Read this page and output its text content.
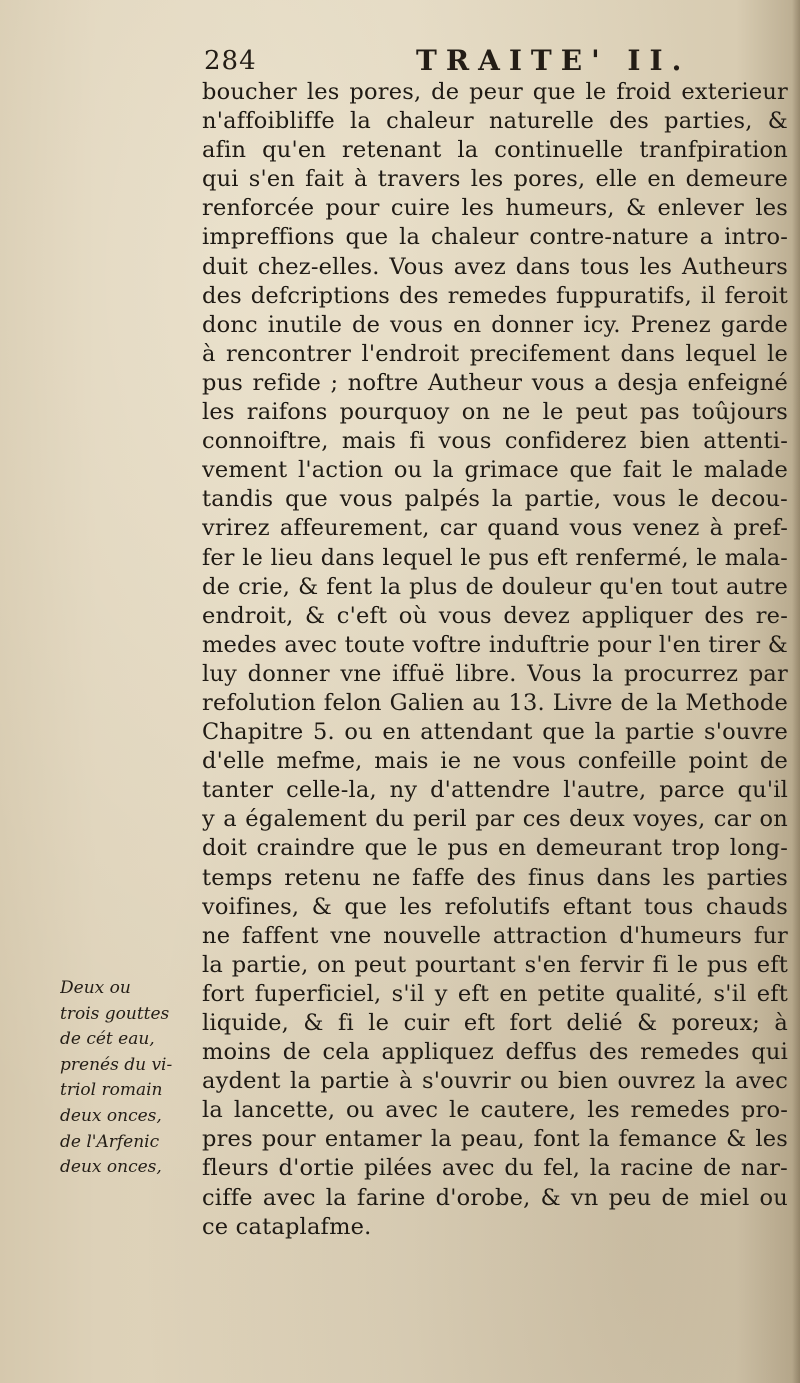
284	TRAITE' II.
boucher les pores, de peur que le froid exterieur
n'affoibliffe la chaleur naturelle des parties, &
afin qu'en retenant la continuelle tranfpiration
qui s'en fait à travers les pores, elle en demeure
renforcée pour cuire les humeurs, & enlever les
impreffions que la chaleur contre-nature a intro-
duit chez-elles. Vous avez dans tous les Autheurs
des defcriptions des remedes fuppuratifs, il feroit
donc inutile de vous en donner icy. Prenez garde
à rencontrer l'endroit precifement dans lequel le
pus refide ; noftre Autheur vous a desja enfeigné
les raifons pourquoy on ne le peut pas toûjours
connoiftre, mais fi vous confiderez bien attenti-
vement l'action ou la grimace que fait le malade
tandis que vous palpés la partie, vous le decou-
vrirez affeurement, car quand vous venez à pref-
fer le lieu dans lequel le pus eft renfermé, le mala-
de crie, & fent la plus de douleur qu'en tout autre
endroit, & c'eft où vous devez appliquer des re-
medes avec toute voftre induftrie pour l'en tirer &
luy donner vne iffuë libre. Vous la procurrez par
refolution felon Galien au 13. Livre de la Methode
Chapitre 5. ou en attendant que la partie s'ouvre
d'elle mefme, mais ie ne vous confeille point de
tanter celle-la, ny d'attendre l'autre, parce qu'il
y a également du peril par ces deux voyes, car on
doit craindre que le pus en demeurant trop long-
temps retenu ne faffe des finus dans les parties
voifines, & que les refolutifs eftant tous chauds
ne faffent vne nouvelle attraction d'humeurs fur
la partie, on peut pourtant s'en fervir fi le pus eft
fort fuperficiel, s'il y eft en petite qualité, s'il eft
liquide, & fi le cuir eft fort delié & poreux; à
moins de cela appliquez deffus des remedes qui
aydent la partie à s'ouvrir ou bien ouvrez la avec
la lancette, ou avec le cautere, les remedes pro-
pres pour entamer la peau, font la femance & les
fleurs d'ortie pilées avec du fel, la racine de nar-
ciffe avec la farine d'orobe, & vn peu de miel ou
ce cataplafme.
Deux ou
trois gouttes
de cét eau,
prenés du vi-
triol romain
deux onces,
de l'Arfenic
deux onces,
